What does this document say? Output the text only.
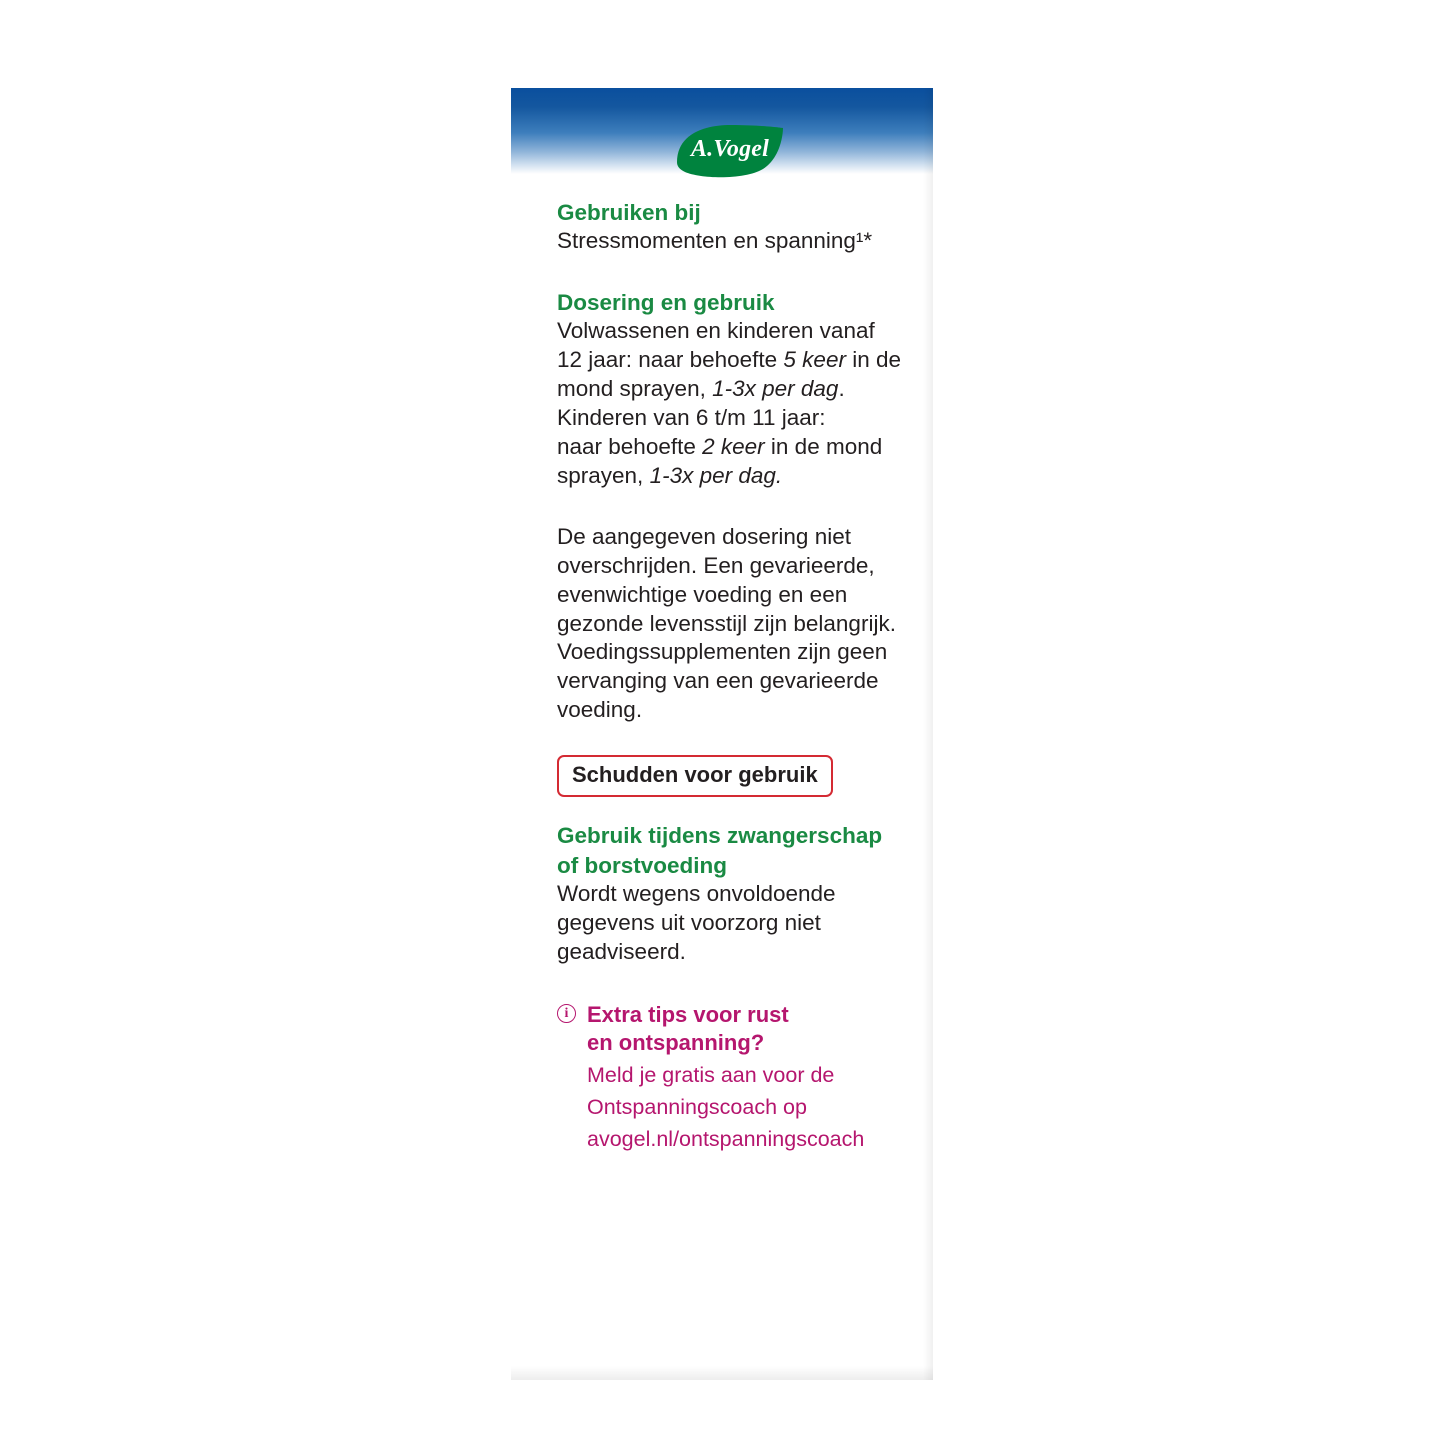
A.Vogel

Gebruiken bij

Stressmomenten en spanning¹*

Dosering en gebruik

Volwassenen en kinderen vanaf

12 jaar: naar behoefte 5 keer in de

mond sprayen, 1-3x per dag.

Kinderen van 6 t/m 11 jaar:

naar behoefte 2 keer in de mond

sprayen, 1-3x per dag.

De aangegeven dosering niet overschrijden. Een gevarieerde, evenwichtige voeding en een gezonde levensstijl zijn belangrijk. Voedingssupplementen zijn geen vervanging van een gevarieerde voeding.

Schudden voor gebruik

Gebruik tijdens zwangerschap

of borstvoeding

Wordt wegens onvoldoende gegevens uit voorzorg niet geadviseerd.

i Extra tips voor rust

en ontspanning?

Meld je gratis aan voor de

Ontspanningscoach op

avogel.nl/ontspanningscoach
